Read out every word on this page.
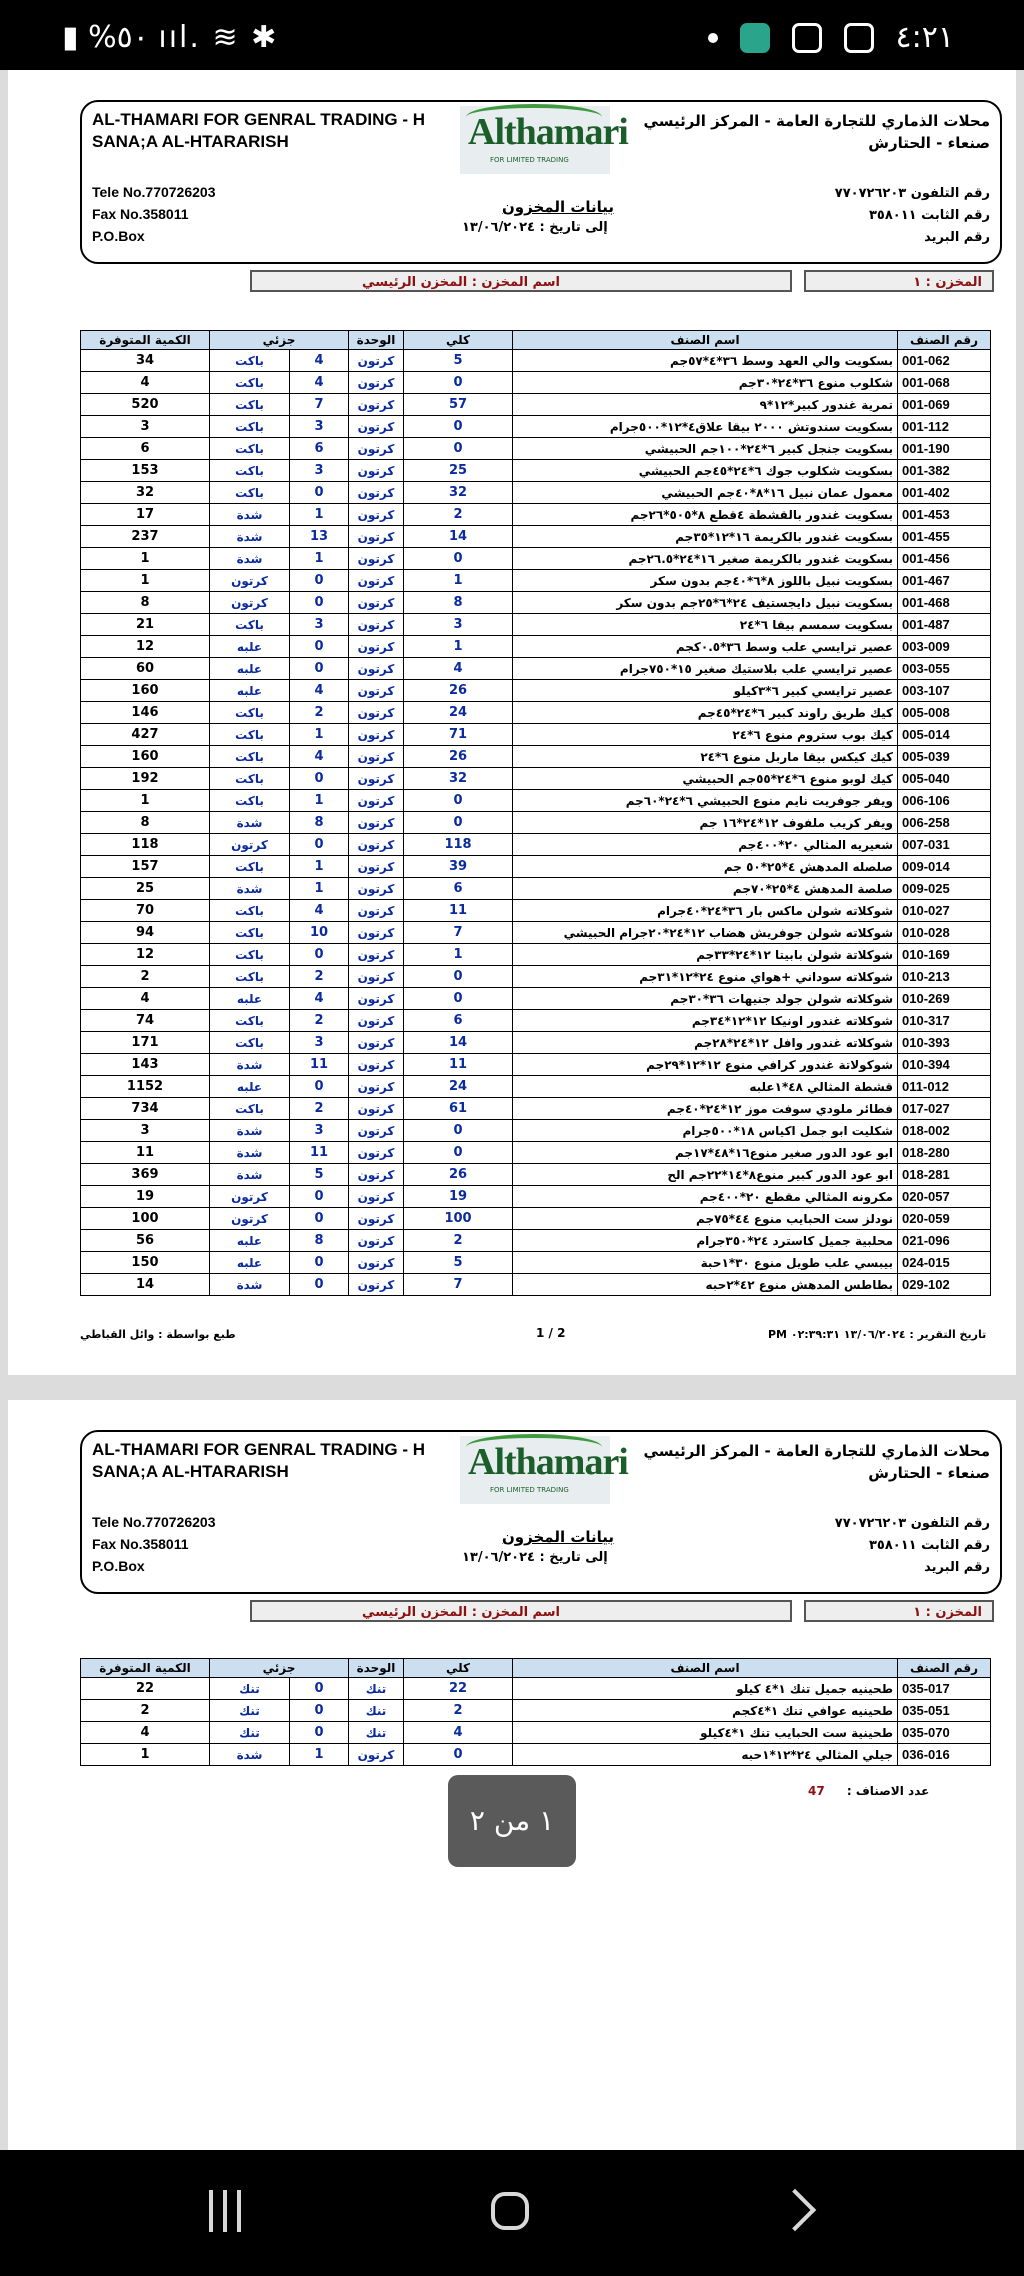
▮ %٥٠ ııl. ≋ ✱	٤:٢١
AL-THAMARI FOR GENRAL TRADING - H
SANA;A AL-HTARARISH
Tele No.770726203
Fax No.358011
P.O.Box
Althamari
FOR LIMITED TRADING
بيانات المخزون
إلى تاريخ : ١٣/٠٦/٢٠٢٤
محلات الذماري للتجارة العامة - المركز الرئيسي
صنعاء - الحتارش
رقم التلفون ٧٧٠٧٢٦٢٠٣
رقم الثابت ٣٥٨٠١١
رقم البريد
اسم المخزن : المخزن الرئيسي	المخزن : ١
الكمية المتوفرة	جزئي		الوحدة	كلي	اسم الصنف	رقم الصنف
34	باكت	4	كرتون	5	بسكويت والي العهد وسط ٣٦*٤*٥٧جم	001-062
4	باكت	4	كرتون	0	شكلوب منوع ٣٦*٢٤*٣٠جم	001-068
520	باكت	7	كرتون	57	تمرية غندور كبير*١٢*٩	001-069
3	باكت	3	كرتون	0	بسكويت سندوتش ٢٠٠٠ بيقا علاق٤*١٢*٥٠٠جرام	001-112
6	باكت	6	كرتون	0	بسكويت جنجل كبير ٦*٢٤*١٠٠جم الحبيشي	001-190
153	باكت	3	كرتون	25	بسكويت شكلوب جوك ٦*٢٤*٤٥جم الحبيشي	001-382
32	باكت	0	كرتون	32	معمول عمان نبيل ١٦*٨*٤٠جم الحبيشي	001-402
17	شدة	1	كرتون	2	بسكويت غندور بالقشطة ٤قطع ٨*٥٠٥*٢٦جم	001-453
237	شدة	13	كرتون	14	بسكويت غندور بالكريمة ١٦*١٢*٣٥جم	001-455
1	شدة	1	كرتون	0	بسكويت غندور بالكريمة صغير ١٦*٢٤*٢٦.٥جم	001-456
1	كرتون	0	كرتون	1	بسكويت نبيل باللوز ٨*٦*٤٠جم بدون سكر	001-467
8	كرتون	0	كرتون	8	بسكويت نبيل دايجستيف ٢٤*٦*٢٥جم بدون سكر	001-468
21	باكت	3	كرتون	3	بسكويت سمسم بيقا ٦*٢٤	001-487
12	علبه	0	كرتون	1	عصير ترايسي علب وسط ٣٦*٠.٥كجم	003-009
60	علبه	0	كرتون	4	عصير ترايسي علب بلاستيك صغير ١٥*٧٥٠جرام	003-055
160	علبه	4	كرتون	26	عصير ترايسي كبير ٦*٣كيلو	003-107
146	باكت	2	كرتون	24	كيك طريق راوند كبير ٦*٢٤*٤٥جم	005-008
427	باكت	1	كرتون	71	كيك بوب ستروم منوع ٦*٢٤	005-014
160	باكت	4	كرتون	26	كيك كيكس بيقا ماربل منوع ٦*٢٤	005-039
192	باكت	0	كرتون	32	كيك لوبو منوع ٦*٢٤*٥٥جم الحبيشي	005-040
1	باكت	1	كرتون	0	ويفر جوفريت نايم منوع الحبيشي ٦*٢٤*٦٠جم	006-106
8	شدة	8	كرتون	0	ويفر كريب ملفوف ١٢*٢٤*١٦ جم	006-258
118	كرتون	0	كرتون	118	شعيريه المثالي ٢٠*٤٠٠جم	007-031
157	باكت	1	كرتون	39	صلصله المدهش ٤*٢٥*٥٠ جم	009-014
25	شدة	1	كرتون	6	صلصة المدهش ٤*٢٥*٧٠جم	009-025
70	باكت	4	كرتون	11	شوكلاته شولن ماكس بار ٣٦*٢٤*٤٠جرام	010-027
94	باكت	10	كرتون	7	شوكلاته شولن جوفريش هضاب ١٢*٢٤*٢٠جرام الحبيشي	010-028
12	باكت	0	كرتون	1	شوكلاتة شولن بابيتا ١٢*٢٤*٣٣جم	010-169
2	باكت	2	كرتون	0	شوكلاته سوداني +هواي منوع ٢٤*١٢*٣١جم	010-213
4	علبه	4	كرتون	0	شوكلاته شولن جولد جنيهات ٣٦*٣٠جم	010-269
74	باكت	2	كرتون	6	شوكلاته غندور اونيكا ١٢*١٢*٣٤جم	010-317
171	باكت	3	كرتون	14	شوكلاته غندور وافل ١٢*٢٤*٢٨جم	010-393
143	شدة	11	كرتون	11	شوكولاتة غندور كرافي منوع ١٢*١٢*٢٩جم	010-394
1152	علبه	0	كرتون	24	قشطة المثالي ٤٨*١علبه	011-012
734	باكت	2	كرتون	61	فطائر ملودي سوفت موز ١٢*٢٤*٤٠جم	017-027
3	شدة	3	كرتون	0	شكليت ابو جمل اكياس ١٨*٥٠٠جرام	018-002
11	شدة	11	كرتون	0	ابو عود الدور صغير منوع١٦*٤٨*١٧جم	018-280
369	شدة	5	كرتون	26	ابو عود الدور كبير منوع٨*١٤*٢٢جم الح	018-281
19	كرتون	0	كرتون	19	مكرونه المثالي مقطع ٢٠*٤٠٠جم	020-057
100	كرتون	0	كرتون	100	نودلز ست الحبايب منوع ٤٤*٧٥جم	020-059
56	علبه	8	كرتون	2	محلبية جميل كاسترد ٢٤*٣٥٠جرام	021-096
150	علبه	0	كرتون	5	بيبسي علب طويل منوع ٣٠*١حبة	024-015
14	شدة	0	كرتون	7	بطاطس المدهش منوع ٤٢*٢حبه	029-102
طبع بواسطة : وائل القباطي	1 / 2	تاريخ التقرير : ١٣/٠٦/٢٠٢٤ ٠٢:٣٩:٣١ PM
AL-THAMARI FOR GENRAL TRADING - H
SANA;A AL-HTARARISH
Tele No.770726203
Fax No.358011
P.O.Box
Althamari
FOR LIMITED TRADING
بيانات المخزون
إلى تاريخ : ١٣/٠٦/٢٠٢٤
محلات الذماري للتجارة العامة - المركز الرئيسي
صنعاء - الحتارش
رقم التلفون ٧٧٠٧٢٦٢٠٣
رقم الثابت ٣٥٨٠١١
رقم البريد
اسم المخزن : المخزن الرئيسي	المخزن : ١
الكمية المتوفرة	جزئي		الوحدة	كلي	اسم الصنف	رقم الصنف
22	تنك	0	تنك	22	طحينيه جميل تنك ١*٤ كيلو	035-017
2	تنك	0	تنك	2	طحينيه عوافي تنك ١*٤كجم	035-051
4	تنك	0	تنك	4	طحينية ست الحبايب تنك ١*٤كيلو	035-070
1	شدة	1	كرتون	0	جيلي المثالي ٢٤*١٢*١حبه	036-016
عدد الاصناف : 47
١ من ٢
